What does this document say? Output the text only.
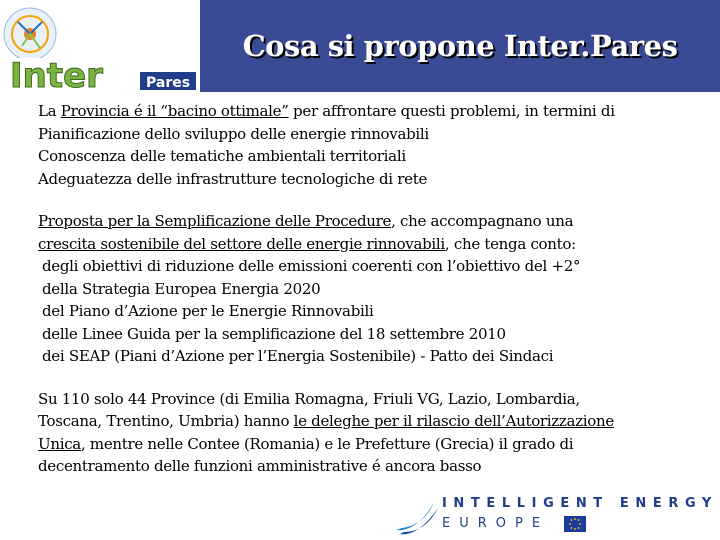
Inter	Pares
Cosa si propone Inter.Pares
La Provincia é il “bacino ottimale” per affrontare questi problemi, in termini di
Pianificazione dello sviluppo delle energie rinnovabili
Conoscenza delle tematiche ambientali territoriali
Adeguatezza delle infrastrutture tecnologiche di rete
Proposta per la Semplificazione delle Procedure, che accompagnano una
crescita sostenibile del settore delle energie rinnovabili, che tenga conto:
degli obiettivi di riduzione delle emissioni coerenti con l’obiettivo del +2°
della Strategia Europea Energia 2020
del Piano d’Azione per le Energie Rinnovabili
delle Linee Guida per la semplificazione del 18 settembre 2010
dei SEAP (Piani d’Azione per l’Energia Sostenibile) - Patto dei Sindaci
Su 110 solo 44 Province (di Emilia Romagna, Friuli VG, Lazio, Lombardia,
Toscana, Trentino, Umbria) hanno le deleghe per il rilascio dell’Autorizzazione
Unica, mentre nelle Contee (Romania) e le Prefetture (Grecia) il grado di
decentramento delle funzioni amministrative é ancora basso
INTELLIGENT ENERGY
EUROPE
